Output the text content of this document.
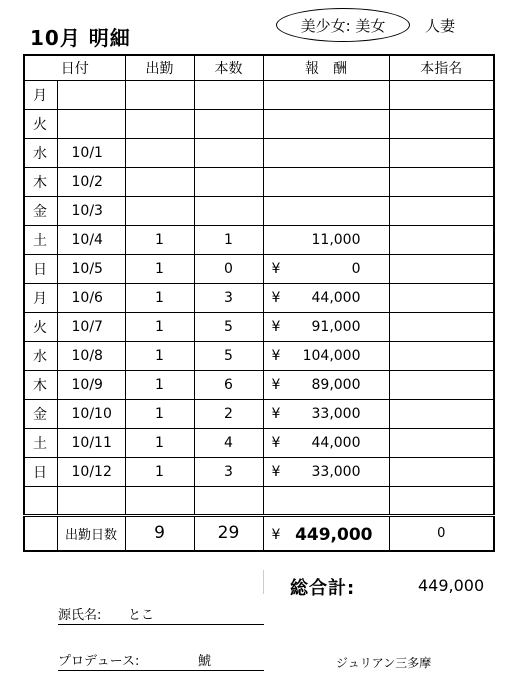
10月 明細
美少女: 美女	人妻
日付		出勤	本数	報　酬	本指名
月				

火				

水	10/1			

木	10/2			

金	10/3			

土	10/4	1	1	11,000	

日	10/5	1	0	¥ 0	

月	10/6	1	3	¥ 44,000	

火	10/7	1	5	¥ 91,000	

水	10/8	1	5	¥ 104,000	

木	10/9	1	6	¥ 89,000	

金	10/10	1	2	¥ 33,000	

土	10/11	1	4	¥ 44,000	

日	10/12	1	3	¥ 33,000	

	出勤日数	9	29	¥ 449,000	0
総合計:	449,000
源氏名: とこ
プロデュース:	鯱	ジュリアン三多摩
